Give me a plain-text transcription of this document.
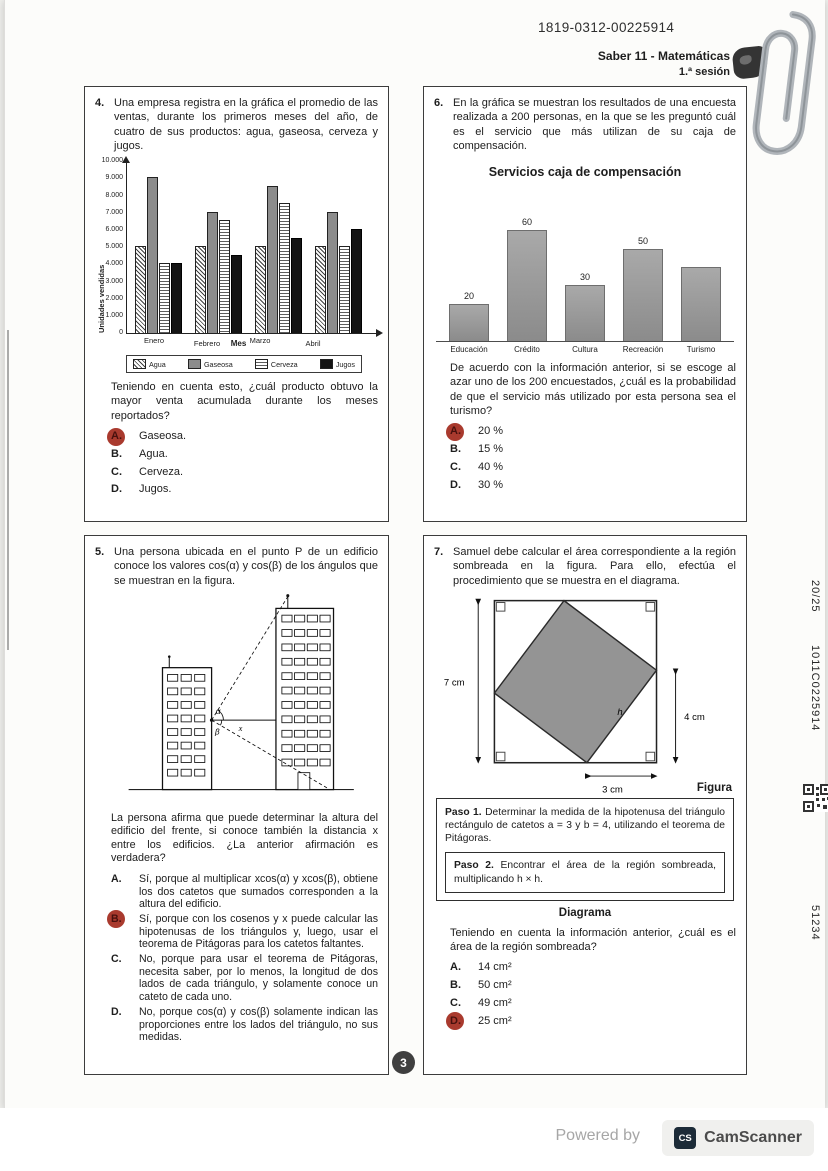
1819-0312-00225914
Saber 11 - Matemáticas
1.ª sesión
20/25
1011C0225914
51234
4. Una empresa registra en la gráfica el promedio de las ventas, durante los primeros meses del año, de cuatro de sus productos: agua, gaseosa, cerveza y jugos.

Unidades vendidas
10.000
9.000
8.000
7.000
6.000
5.000
4.000
3.000
2.000
1.000
0
Enero	Febrero	Marzo	Abril
Mes
Agua	Gaseosa	Cerveza	Jugos

Teniendo en cuenta esto, ¿cuál producto obtuvo la mayor venta acumulada durante los meses reportados?

A.	Gaseosa.
B.	Agua.
C.	Cerveza.
D.	Jugos.
5. Una persona ubicada en el punto P de un edificio conoce los valores cos(α) y cos(β) de los ángulos que se muestran en la figura.

α
β x

La persona afirma que puede determinar la altura del edificio del frente, si conoce también la distancia x entre los edificios. ¿La anterior afirmación es verdadera?

A.	Sí, porque al multiplicar xcos(α) y xcos(β), obtiene los dos catetos que sumados corresponden a la altura del edificio.
B.	Sí, porque con los cosenos y x puede calcular las hipotenusas de los triángulos y, luego, usar el teorema de Pitágoras para los catetos faltantes.
C.	No, porque para usar el teorema de Pitágoras, necesita saber, por lo menos, la longitud de dos lados de cada triángulo, y solamente conoce un cateto de cada uno.
D.	No, porque cos(α) y cos(β) solamente indican las proporciones entre los lados del triángulo, no sus medidas.
6. En la gráfica se muestran los resultados de una encuesta realizada a 200 personas, en la que se les preguntó cuál es el servicio que más utilizan de su caja de compensación.

Servicios caja de compensación
20
60
30
50
Educación	Crédito	Cultura	Recreación	Turismo

De acuerdo con la información anterior, si se escoge al azar uno de los 200 encuestados, ¿cuál es la probabilidad de que el servicio más utilizado por esta persona sea el turismo?

A.	20 %
B.	15 %
C.	40 %
D.	30 %
7. Samuel debe calcular el área correspondiente a la región sombreada en la figura. Para ello, efectúa el procedimiento que se muestra en el diagrama.

h
7 cm
4 cm
3 cm	Figura

Paso 1. Determinar la medida de la hipotenusa del triángulo rectángulo de catetos a = 3 y b = 4, utilizando el teorema de Pitágoras.

Paso 2. Encontrar el área de la región sombreada, multiplicando h × h.

Diagrama

Teniendo en cuenta la información anterior, ¿cuál es el área de la región sombreada?

A.	14 cm²
B.	50 cm²
C.	49 cm²
D.	25 cm²
3
Powered by	CS CamScanner
